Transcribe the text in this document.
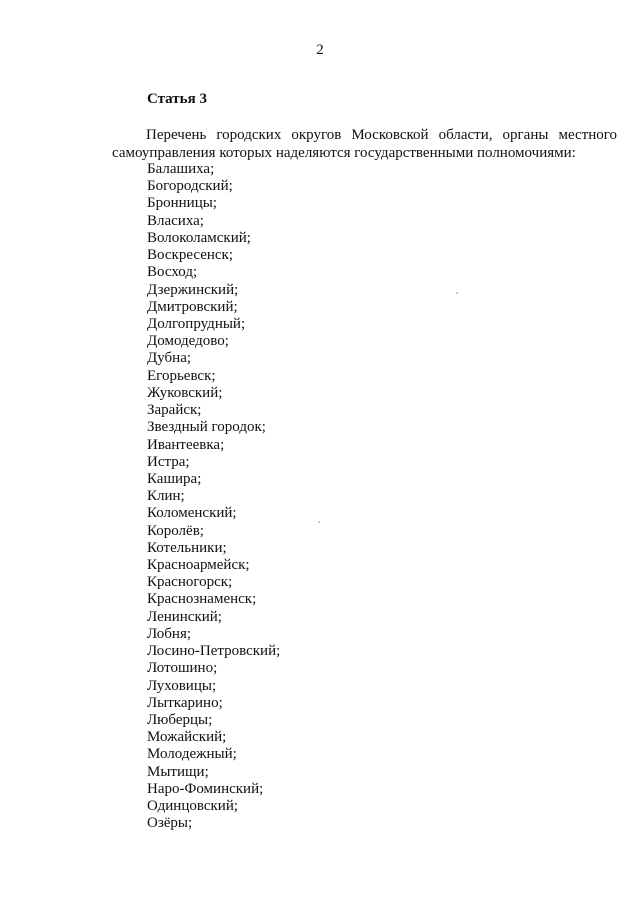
2
Статья 3
Перечень городских округов Московской области, органы местного
самоуправления которых наделяются государственными полномочиями:
Балашиха;
Богородский;
Бронницы;
Власиха;
Волоколамский;
Воскресенск;
Восход;
Дзержинский;
Дмитровский;
Долгопрудный;
Домодедово;
Дубна;
Егорьевск;
Жуковский;
Зарайск;
Звездный городок;
Ивантеевка;
Истра;
Кашира;
Клин;
Коломенский;
Королёв;
Котельники;
Красноармейск;
Красногорск;
Краснознаменск;
Ленинский;
Лобня;
Лосино-Петровский;
Лотошино;
Луховицы;
Лыткарино;
Люберцы;
Можайский;
Молодежный;
Мытищи;
Наро-Фоминский;
Одинцовский;
Озёры;
